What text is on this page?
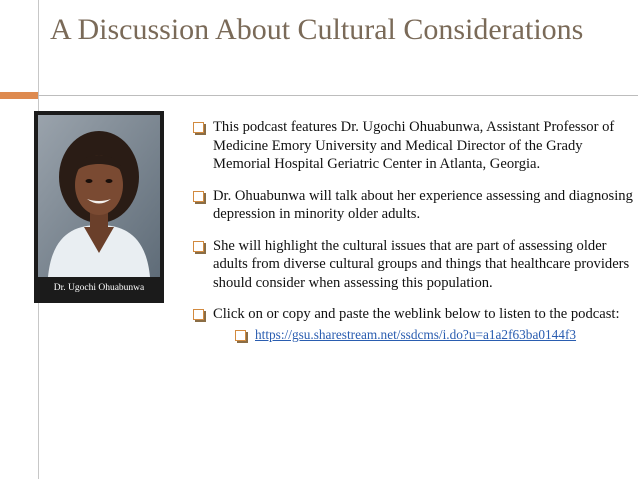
A Discussion About Cultural Considerations
Dr. Ugochi Ohuabunwa
This podcast features Dr. Ugochi Ohuabunwa, Assistant Professor of Medicine Emory University and Medical Director of the Grady Memorial Hospital Geriatric Center in Atlanta, Georgia.
Dr. Ohuabunwa will talk about her experience assessing and diagnosing depression in minority older adults.
She will highlight the cultural issues that are part of assessing older adults from diverse cultural groups and things that healthcare providers should consider when assessing this population.
Click on or copy and paste the weblink below to listen to the podcast:
https://gsu.sharestream.net/ssdcms/i.do?u=a1a2f63ba0144f3
